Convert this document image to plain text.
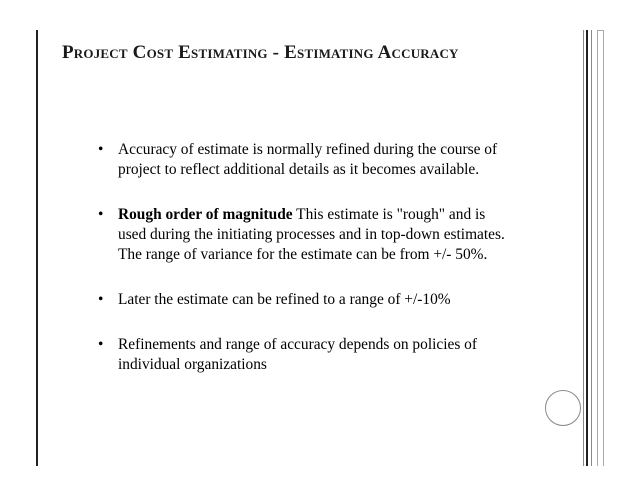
Project Cost Estimating - Estimating Accuracy
• Accuracy of estimate is normally refined during the course of project to reflect additional details as it becomes available.
• Rough order of magnitude This estimate is "rough" and is used during the initiating processes and in top-down estimates. The range of variance for the estimate can be from +/- 50%.
• Later the estimate can be refined to a range of +/-10%
• Refinements and range of accuracy depends on policies of individual organizations
